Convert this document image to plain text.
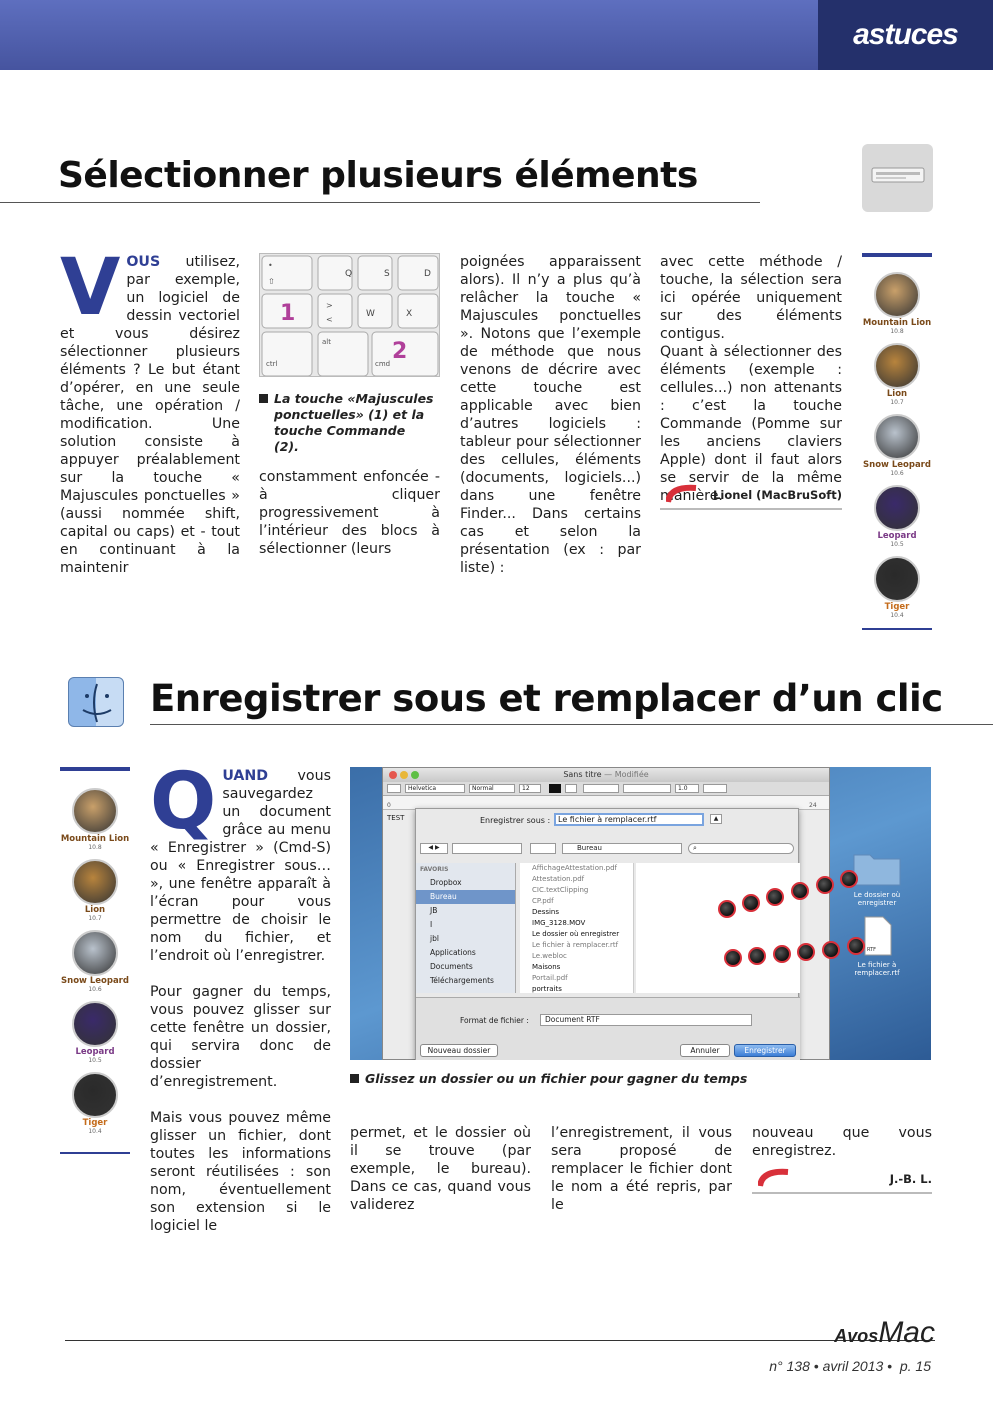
astuces
Sélectionner plusieurs éléments
VOUS utilisez, par exemple, un logiciel de dessin vectoriel et vous désirez sélectionner plusieurs éléments ? Le but étant d’opérer, en une seule tâche, une opération / modification. Une solution consiste à appuyer préalablement sur la touche « Majuscules ponctuelles » (aussi nommée shift, capital ou caps) et - tout en continuant à la maintenir
•
⇧
Q	S	D
1	>
<
W	X
ctrl
alt
cmd 2
La touche «Majuscules ponctuelles» (1) et la touche Commande (2).

constamment enfoncée - à cliquer progressivement à l’intérieur des blocs à sélectionner (leurs

poignées apparaissent alors). Il n’y a plus qu’à relâcher la touche « Majuscules ponctuelles ». Notons que l’exemple de méthode que nous venons de décrire avec cette touche est applicable avec bien d’autres logiciels : tableur pour sélectionner des cellules, éléments (documents, logiciels...) dans une fenêtre Finder... Dans certains cas et selon la présentation (ex : par liste) :

avec cette méthode / touche, la sélection sera ici opérée uniquement sur des éléments contigus.

Quant à sélectionner des éléments (exemple : cellules...) non attenants : c’est la touche Commande (Pomme sur les anciens claviers Apple) dont il faut alors se servir de la même manière.

Lionel (MacBruSoft)
Mountain Lion
10.8
Lion
10.7
Snow Leopard
10.6
Leopard
10.5
Tiger
10.4
Enregistrer sous et remplacer d’un clic
Mountain Lion
10.8
Lion
10.7
Snow Leopard
10.6
Leopard
10.5
Tiger
10.4
QUAND vous sauvegardez un document grâce au menu « Enregistrer » (Cmd-S) ou « Enregistrer sous… », une fenêtre apparaît à l’écran pour vous permettre de choisir le nom du fichier, et l’endroit où l’enregistrer.

Pour gagner du temps, vous pouvez glisser sur cette fenêtre un dossier, qui servira donc de dossier d’enregistrement.

Mais vous pouvez même glisser un fichier, dont toutes les informations seront réutilisées : son nom, éventuellement son extension si le logiciel le

Sans titre — Modifiée
Helvetica	Normal	12	1.0
0	24
TEST	Enregistrer sous : Le fichier à remplacer.rtf	▲
◀ ▶	Bureau	⌕
FAVORIS
Dropbox
Bureau
JB
I
jbl
Applications
Documents
Téléchargements
AffichageAttestation.pdf
Attestation.pdf
CIC.textClipping
CP.pdf
Dessins
IMG_3128.MOV
Le dossier où enregistrer
Le fichier à remplacer.rtf
Le.webloc
Maisons
Portail.pdf
portraits
Format de fichier :	Document RTF
Nouveau dossier	Annuler	Enregistrer
Le dossier où enregistrer
RTF
Le fichier à remplacer.rtf
Glissez un dossier ou un fichier pour gagner du temps

permet, et le dossier où il se trouve (par exemple, le bureau). Dans ce cas, quand vous validerez

l’enregistrement, il vous sera proposé de remplacer le fichier dont le nom a été repris, par le

nouveau que vous enregistrez.

J.-B. L.
AvosMac
n° 138 • avril 2013 •  p. 15
